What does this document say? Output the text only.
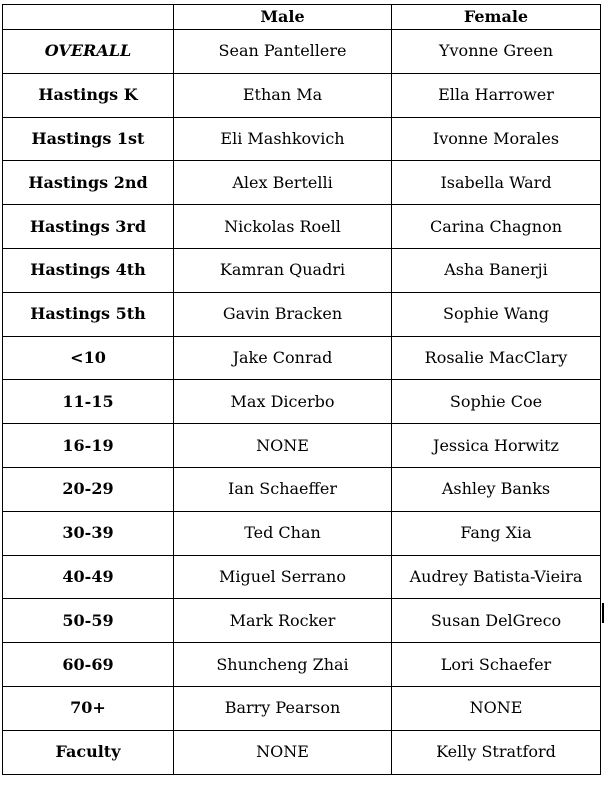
	Male	Female
OVERALL	Sean Pantellere	Yvonne Green
Hastings K	Ethan Ma	Ella Harrower
Hastings 1st	Eli Mashkovich	Ivonne Morales
Hastings 2nd	Alex Bertelli	Isabella Ward
Hastings 3rd	Nickolas Roell	Carina Chagnon
Hastings 4th	Kamran Quadri	Asha Banerji
Hastings 5th	Gavin Bracken	Sophie Wang
<10	Jake Conrad	Rosalie MacClary
11-15	Max Dicerbo	Sophie Coe
16-19	NONE	Jessica Horwitz
20-29	Ian Schaeffer	Ashley Banks
30-39	Ted Chan	Fang Xia
40-49	Miguel Serrano	Audrey Batista-Vieira
50-59	Mark Rocker	Susan DelGreco
60-69	Shuncheng Zhai	Lori Schaefer
70+	Barry Pearson	NONE
Faculty	NONE	Kelly Stratford
